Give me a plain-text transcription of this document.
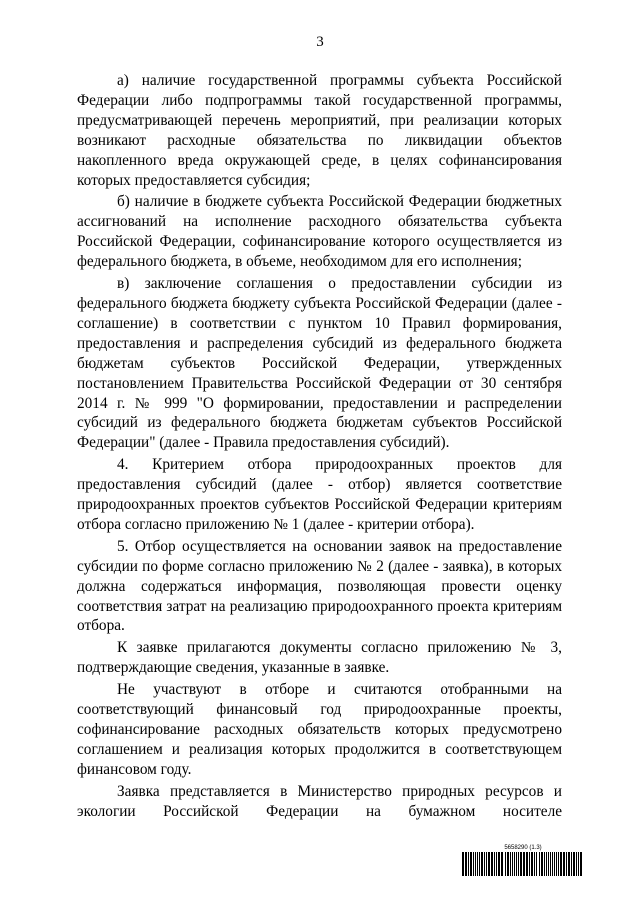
3

а) наличие государственной программы субъекта Российской Федерации либо подпрограммы такой государственной программы, предусматривающей перечень мероприятий, при реализации которых возникают расходные обязательства по ликвидации объектов накопленного вреда окружающей среде, в целях софинансирования которых предоставляется субсидия;

б) наличие в бюджете субъекта Российской Федерации бюджетных ассигнований на исполнение расходного обязательства субъекта Российской Федерации, софинансирование которого осуществляется из федерального бюджета, в объеме, необходимом для его исполнения;

в) заключение соглашения о предоставлении субсидии из федерального бюджета бюджету субъекта Российской Федерации (далее - соглашение) в соответствии с пунктом 10 Правил формирования, предоставления и распределения субсидий из федерального бюджета бюджетам субъектов Российской Федерации, утвержденных постановлением Правительства Российской Федерации от 30 сентября 2014 г. № 999 "О формировании, предоставлении и распределении субсидий из федерального бюджета бюджетам субъектов Российской Федерации" (далее - Правила предоставления субсидий).

4. Критерием отбора природоохранных проектов для предоставления субсидий (далее - отбор) является соответствие природоохранных проектов субъектов Российской Федерации критериям отбора согласно приложению № 1 (далее - критерии отбора).

5. Отбор осуществляется на основании заявок на предоставление субсидии по форме согласно приложению № 2 (далее - заявка), в которых должна содержаться информация, позволяющая провести оценку соответствия затрат на реализацию природоохранного проекта критериям отбора.

К заявке прилагаются документы согласно приложению № 3, подтверждающие сведения, указанные в заявке.

Не участвуют в отборе и считаются отобранными на соответствующий финансовый год природоохранные проекты, софинансирование расходных обязательств которых предусмотрено соглашением и реализация которых продолжится в соответствующем финансовом году.

Заявка представляется в Министерство природных ресурсов и экологии Российской Федерации на бумажном носителе

5658290 (1.3)
